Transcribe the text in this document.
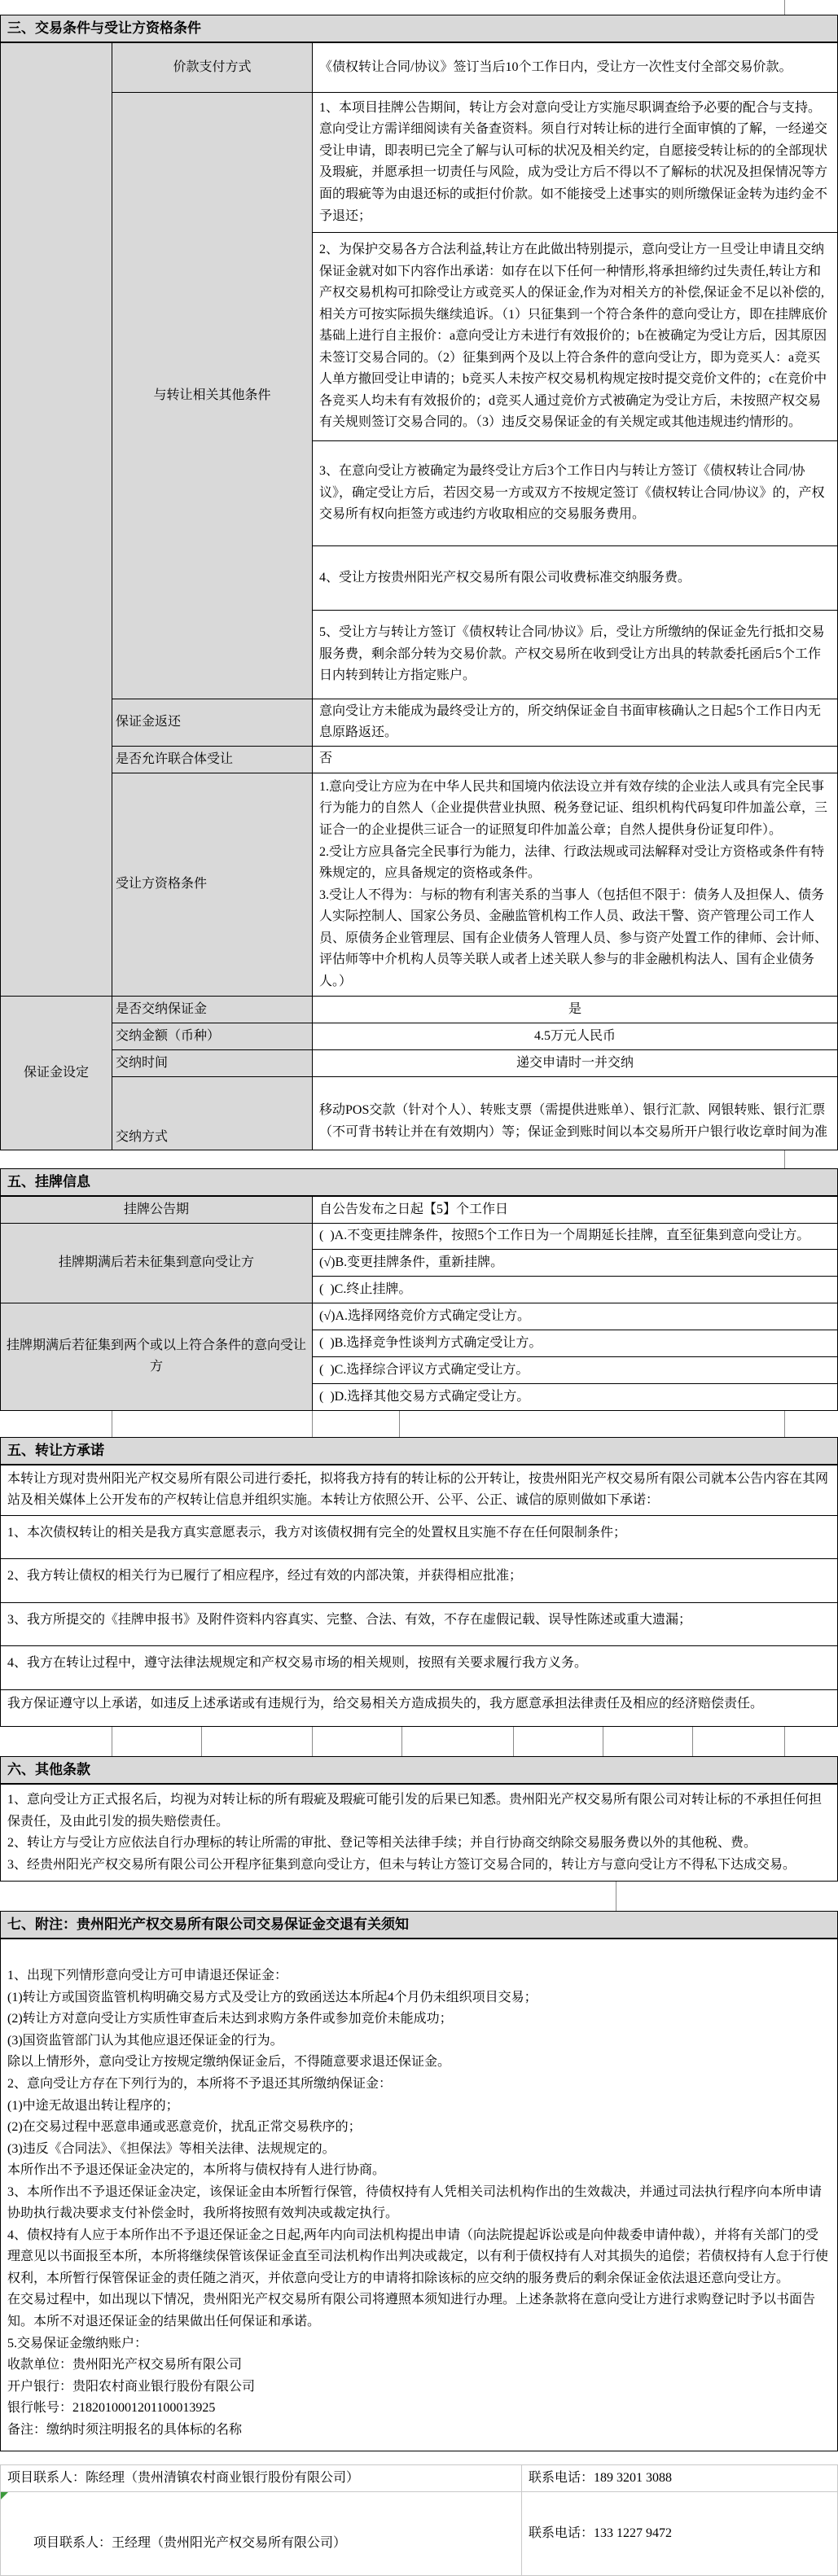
三、交易条件与受让方资格条件
	价款支付方式	《债权转让合同/协议》签订当后10个工作日内，受让方一次性支付全部交易价款。
	与转让相关其他条件	1、本项目挂牌公告期间，转让方会对意向受让方实施尽职调查给予必要的配合与支持。意向受让方需详细阅读有关备查资料。须自行对转让标的进行全面审慎的了解，一经递交受让申请，即表明已完全了解与认可标的状况及相关约定，自愿接受转让标的的全部现状及瑕疵，并愿承担一切责任与风险，成为受让方后不得以不了解标的状况及担保情况等方面的瑕疵等为由退还标的或拒付价款。如不能接受上述事实的则所缴保证金转为违约金不予退还；
		2、为保护交易各方合法利益,转让方在此做出特别提示，意向受让方一旦受让申请且交纳保证金就对如下内容作出承诺：如存在以下任何一种情形,将承担缔约过失责任,转让方和产权交易机构可扣除受让方或竞买人的保证金,作为对相关方的补偿,保证金不足以补偿的,相关方可按实际损失继续追诉。（1）只征集到一个符合条件的意向受让方，即在挂牌底价基础上进行自主报价：a意向受让方未进行有效报价的；b在被确定为受让方后，因其原因未签订交易合同的。（2）征集到两个及以上符合条件的意向受让方，即为竞买人：a竞买人单方撤回受让申请的；b竞买人未按产权交易机构规定按时提交竞价文件的；c在竞价中各竞买人均未有有效报价的；d竞买人通过竞价方式被确定为受让方后，未按照产权交易有关规则签订交易合同的。（3）违反交易保证金的有关规定或其他违规违约情形的。
		3、在意向受让方被确定为最终受让方后3个工作日内与转让方签订《债权转让合同/协议》，确定受让方后，若因交易一方或双方不按规定签订《债权转让合同/协议》的，产权交易所有权向拒签方或违约方收取相应的交易服务费用。
		4、受让方按贵州阳光产权交易所有限公司收费标准交纳服务费。
		5、受让方与转让方签订《债权转让合同/协议》后，受让方所缴纳的保证金先行抵扣交易服务费，剩余部分转为交易价款。产权交易所在收到受让方出具的转款委托函后5个工作日内转到转让方指定账户。
	保证金返还	意向受让方未能成为最终受让方的，所交纳保证金自书面审核确认之日起5个工作日内无息原路返还。
	是否允许联合体受让	否
	受让方资格条件	1.意向受让方应为在中华人民共和国境内依法设立并有效存续的企业法人或具有完全民事行为能力的自然人（企业提供营业执照、税务登记证、组织机构代码复印件加盖公章，三证合一的企业提供三证合一的证照复印件加盖公章；自然人提供身份证复印件）。
2.受让方应具备完全民事行为能力，法律、行政法规或司法解释对受让方资格或条件有特殊规定的，应具备规定的资格或条件。
3.受让人不得为：与标的物有利害关系的当事人（包括但不限于：债务人及担保人、债务人实际控制人、国家公务员、金融监管机构工作人员、政法干警、资产管理公司工作人员、原债务企业管理层、国有企业债务人管理人员、参与资产处置工作的律师、会计师、评估师等中介机构人员等关联人或者上述关联人参与的非金融机构法人、国有企业债务人。）

保证金设定	是否交纳保证金	是
	交纳金额（币种）	4.5万元人民币
	交纳时间	递交申请时一并交纳
	交纳方式	移动POS交款（针对个人）、转账支票（需提供进账单）、银行汇款、网银转账、银行汇票（不可背书转让并在有效期内）等；保证金到账时间以本交易所开户银行收讫章时间为准
五、挂牌信息
挂牌公告期	自公告发布之日起【5】个工作日
挂牌期满后若未征集到意向受让方	(  )A.不变更挂牌条件，按照5个工作日为一个周期延长挂牌，直至征集到意向受让方。
	(√)B.变更挂牌条件，重新挂牌。
	(  )C.终止挂牌。
挂牌期满后若征集到两个或以上符合条件的意向受让方	(√)A.选择网络竞价方式确定受让方。
	(  )B.选择竞争性谈判方式确定受让方。
	(  )C.选择综合评议方式确定受让方。
	(  )D.选择其他交易方式确定受让方。
五、转让方承诺
本转让方现对贵州阳光产权交易所有限公司进行委托，拟将我方持有的转让标的公开转让，按贵州阳光产权交易所有限公司就本公告内容在其网站及相关媒体上公开发布的产权转让信息并组织实施。本转让方依照公开、公平、公正、诚信的原则做如下承诺：
1、本次债权转让的相关是我方真实意愿表示，我方对该债权拥有完全的处置权且实施不存在任何限制条件；
2、我方转让债权的相关行为已履行了相应程序，经过有效的内部决策，并获得相应批准；
3、我方所提交的《挂牌申报书》及附件资料内容真实、完整、合法、有效，不存在虚假记载、误导性陈述或重大遗漏；
4、我方在转让过程中，遵守法律法规规定和产权交易市场的相关规则，按照有关要求履行我方义务。
我方保证遵守以上承诺，如违反上述承诺或有违规行为，给交易相关方造成损失的，我方愿意承担法律责任及相应的经济赔偿责任。
六、其他条款

1、意向受让方正式报名后，均视为对转让标的所有瑕疵及瑕疵可能引发的后果已知悉。贵州阳光产权交易所有限公司对转让标的不承担任何担保责任，及由此引发的损失赔偿责任。

2、转让方与受让方应依法自行办理标的转让所需的审批、登记等相关法律手续；并自行协商交纳除交易服务费以外的其他税、费。

3、经贵州阳光产权交易所有限公司公开程序征集到意向受让方，但未与转让方签订交易合同的，转让方与意向受让方不得私下达成交易。

七、附注：贵州阳光产权交易所有限公司交易保证金交退有关须知
1、出现下列情形意向受让方可申请退还保证金：
(1)转让方或国资监管机构明确交易方式及受让方的致函送达本所起4个月仍未组织项目交易；
(2)转让方对意向受让方实质性审查后未达到求购方条件或参加竞价未能成功；
(3)国资监管部门认为其他应退还保证金的行为。
除以上情形外，意向受让方按规定缴纳保证金后，不得随意要求退还保证金。
2、意向受让方存在下列行为的，本所将不予退还其所缴纳保证金：
(1)中途无故退出转让程序的；
(2)在交易过程中恶意串通或恶意竞价，扰乱正常交易秩序的；
(3)违反《合同法》、《担保法》等相关法律、法规规定的。
本所作出不予退还保证金决定的，本所将与债权持有人进行协商。
3、本所作出不予退还保证金决定，该保证金由本所暂行保管，待债权持有人凭相关司法机构作出的生效裁决，并通过司法执行程序向本所申请协助执行裁决要求支付补偿金时，我所将按照有效判决或裁定执行。
4、债权持有人应于本所作出不予退还保证金之日起,两年内向司法机构提出申请（向法院提起诉讼或是向仲裁委申请仲裁），并将有关部门的受理意见以书面报至本所，本所将继续保管该保证金直至司法机构作出判决或裁定，以有利于债权持有人对其损失的追偿；若债权持有人怠于行使权利，本所暂行保管保证金的责任随之消灭，并依意向受让方的申请将扣除该标的应交纳的服务费后的剩余保证金依法退还意向受让方。
在交易过程中，如出现以下情况，贵州阳光产权交易所有限公司将遵照本须知进行办理。上述条款将在意向受让方进行求购登记时予以书面告知。本所不对退还保证金的结果做出任何保证和承诺。
5.交易保证金缴纳账户：
收款单位：贵州阳光产权交易所有限公司
开户银行：贵阳农村商业银行股份有限公司
银行帐号：2182010001201100013925
备注：缴纳时须注明报名的具体标的名称
项目联系人：陈经理（贵州清镇农村商业银行股份有限公司）	联系电话：189 3201 3088

项目联系人：王经理（贵州阳光产权交易所有限公司）	联系电话：133 1227 9472
